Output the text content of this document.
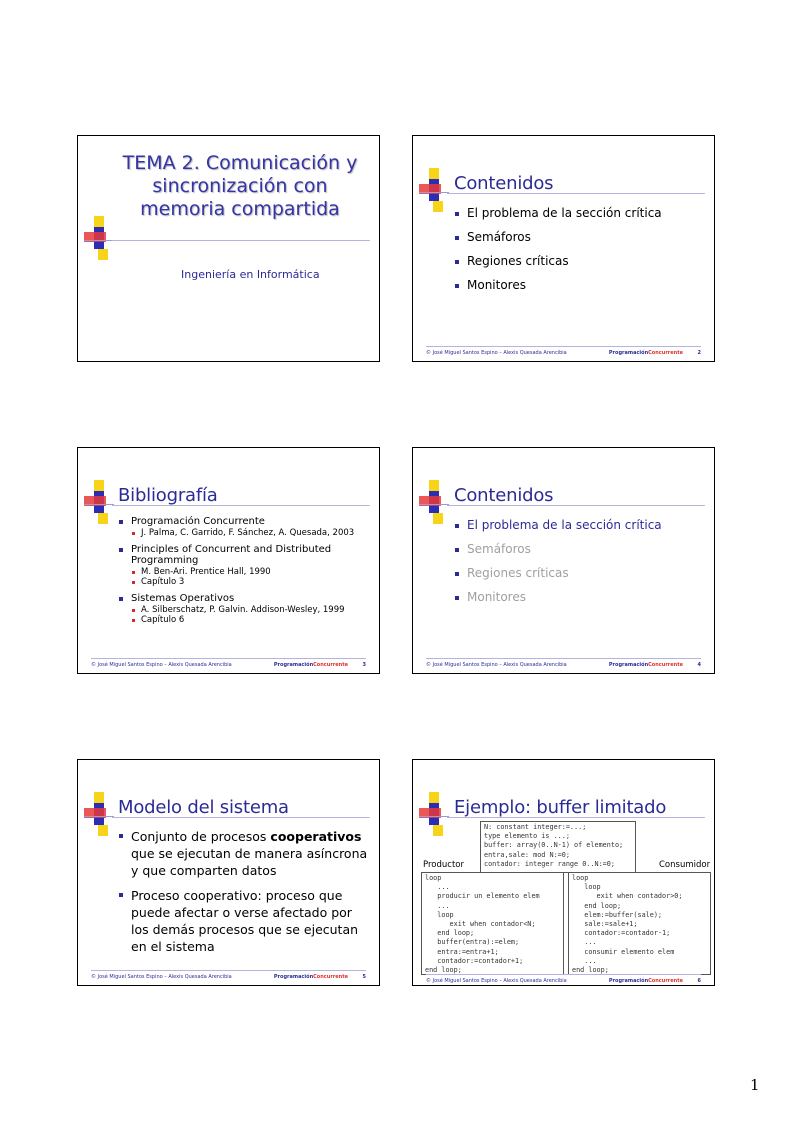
TEMA 2. Comunicación y
sincronización con
memoria compartida
Ingeniería en Informática
Contenidos
El problema de la sección crítica
Semáforos
Regiones críticas
Monitores
© José Miguel Santos Espino – Alexis Quesada Arencibia	ProgramaciónConcurrente	2
Bibliografía
Programación Concurrente
J. Palma, C. Garrido, F. Sánchez, A. Quesada, 2003
Principles of Concurrent and Distributed Programming
M. Ben-Ari. Prentice Hall, 1990
Capítulo 3
Sistemas Operativos
A. Silberschatz, P. Galvin. Addison-Wesley, 1999
Capítulo 6
© José Miguel Santos Espino – Alexis Quesada Arencibia	ProgramaciónConcurrente	3
Contenidos
El problema de la sección crítica
Semáforos
Regiones críticas
Monitores
© José Miguel Santos Espino – Alexis Quesada Arencibia	ProgramaciónConcurrente	4
Modelo del sistema
Conjunto de procesos cooperativos que se ejecutan de manera asíncrona y que comparten datos
Proceso cooperativo: proceso que puede afectar o verse afectado por los demás procesos que se ejecutan en el sistema
© José Miguel Santos Espino – Alexis Quesada Arencibia	ProgramaciónConcurrente	5
Ejemplo: buffer limitado
N: constant integer:=...;
type elemento is ...;
buffer: array(0..N-1) of elemento;
entra,sale: mod N:=0;
contador: integer range 0..N:=0;
Productor	Consumidor
loop
...
producir un elemento elem
...
loop
exit when contador<N;
end loop;
buffer(entra):=elem;
entra:=entra+1;
contador:=contador+1;
end loop;
loop
loop
exit when contador>0;
end loop;
elem:=buffer(sale);
sale:=sale+1;
contador:=contador-1;
...
consumir elemento elem
...
end loop;
© José Miguel Santos Espino – Alexis Quesada Arencibia	ProgramaciónConcurrente	6
1
